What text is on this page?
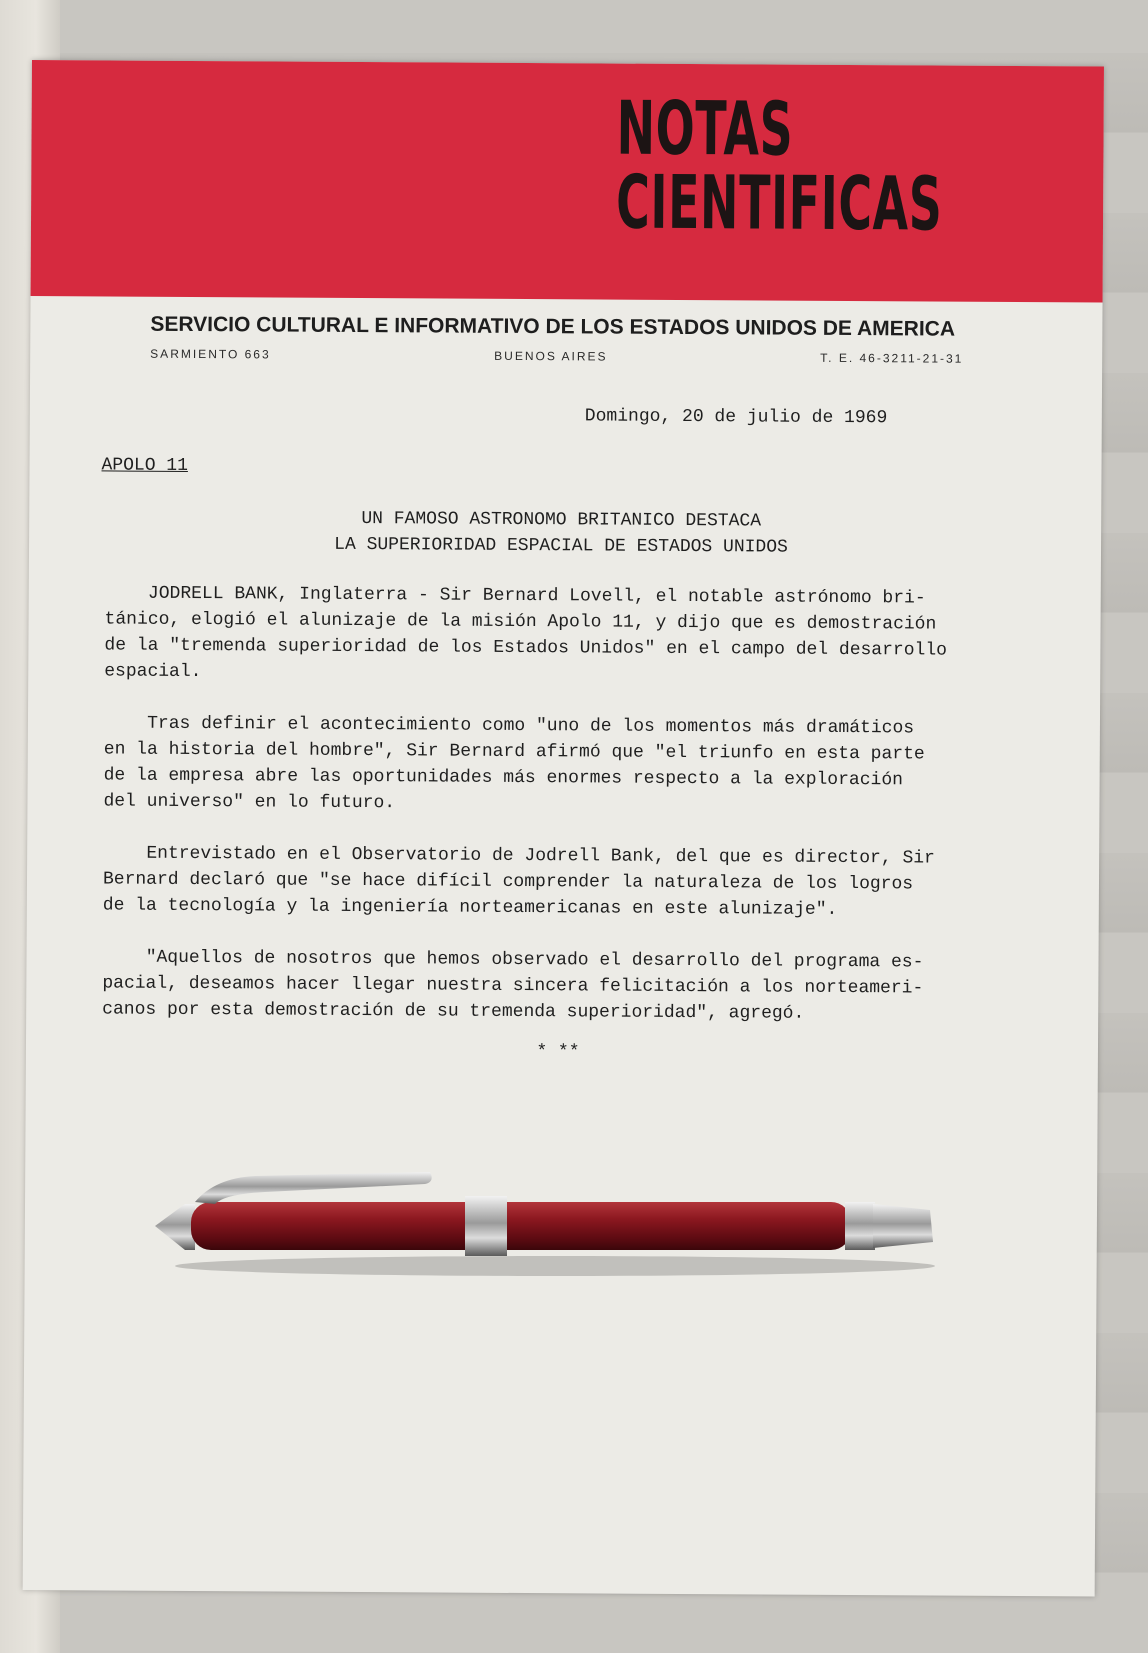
NOTAS
CIENTIFICAS
SERVICIO CULTURAL E INFORMATIVO DE LOS ESTADOS UNIDOS DE AMERICA
SARMIENTO 663	BUENOS AIRES	T. E. 46-3211-21-31
Domingo, 20 de julio de 1969
APOLO 11
UN FAMOSO ASTRONOMO BRITANICO DESTACA
LA SUPERIORIDAD ESPACIAL DE ESTADOS UNIDOS
JODRELL BANK, Inglaterra - Sir Bernard Lovell, el notable astrónomo bri-
tánico, elogió el alunizaje de la misión Apolo 11, y dijo que es demostración
de la "tremenda superioridad de los Estados Unidos" en el campo del desarrollo
espacial.
Tras definir el acontecimiento como "uno de los momentos más dramáticos
en la historia del hombre", Sir Bernard afirmó que "el triunfo en esta parte
de la empresa abre las oportunidades más enormes respecto a la exploración
del universo" en lo futuro.
Entrevistado en el Observatorio de Jodrell Bank, del que es director, Sir
Bernard declaró que "se hace difícil comprender la naturaleza de los logros
de la tecnología y la ingeniería norteamericanas en este alunizaje".
"Aquellos de nosotros que hemos observado el desarrollo del programa es-
pacial, deseamos hacer llegar nuestra sincera felicitación a los norteameri-
canos por esta demostración de su tremenda superioridad", agregó.
* **
